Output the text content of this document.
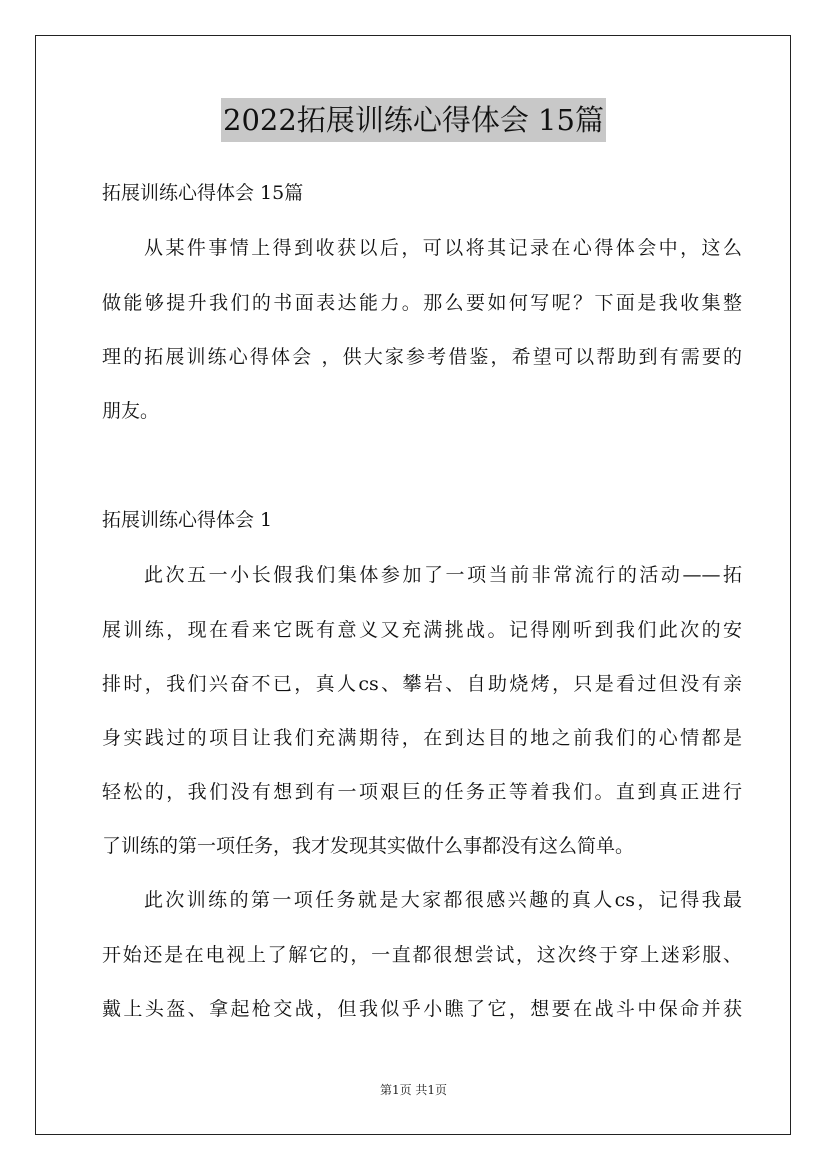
2022拓展训练心得体会 15篇
拓展训练心得体会 15篇
从某件事情上得到收获以后，可以将其记录在心得体会中，这么
做能够提升我们的书面表达能力。那么要如何写呢？下面是我收集整
理的拓展训练心得体会 ，供大家参考借鉴，希望可以帮助到有需要的
朋友。
拓展训练心得体会 1
此次五一小长假我们集体参加了一项当前非常流行的活动——拓
展训练，现在看来它既有意义又充满挑战。记得刚听到我们此次的安
排时，我们兴奋不已，真人cs、攀岩、自助烧烤，只是看过但没有亲
身实践过的项目让我们充满期待，在到达目的地之前我们的心情都是
轻松的，我们没有想到有一项艰巨的任务正等着我们。直到真正进行
了训练的第一项任务，我才发现其实做什么事都没有这么简单。
此次训练的第一项任务就是大家都很感兴趣的真人cs，记得我最
开始还是在电视上了解它的，一直都很想尝试，这次终于穿上迷彩服、
戴上头盔、拿起枪交战，但我似乎小瞧了它，想要在战斗中保命并获
第1页 共1页
